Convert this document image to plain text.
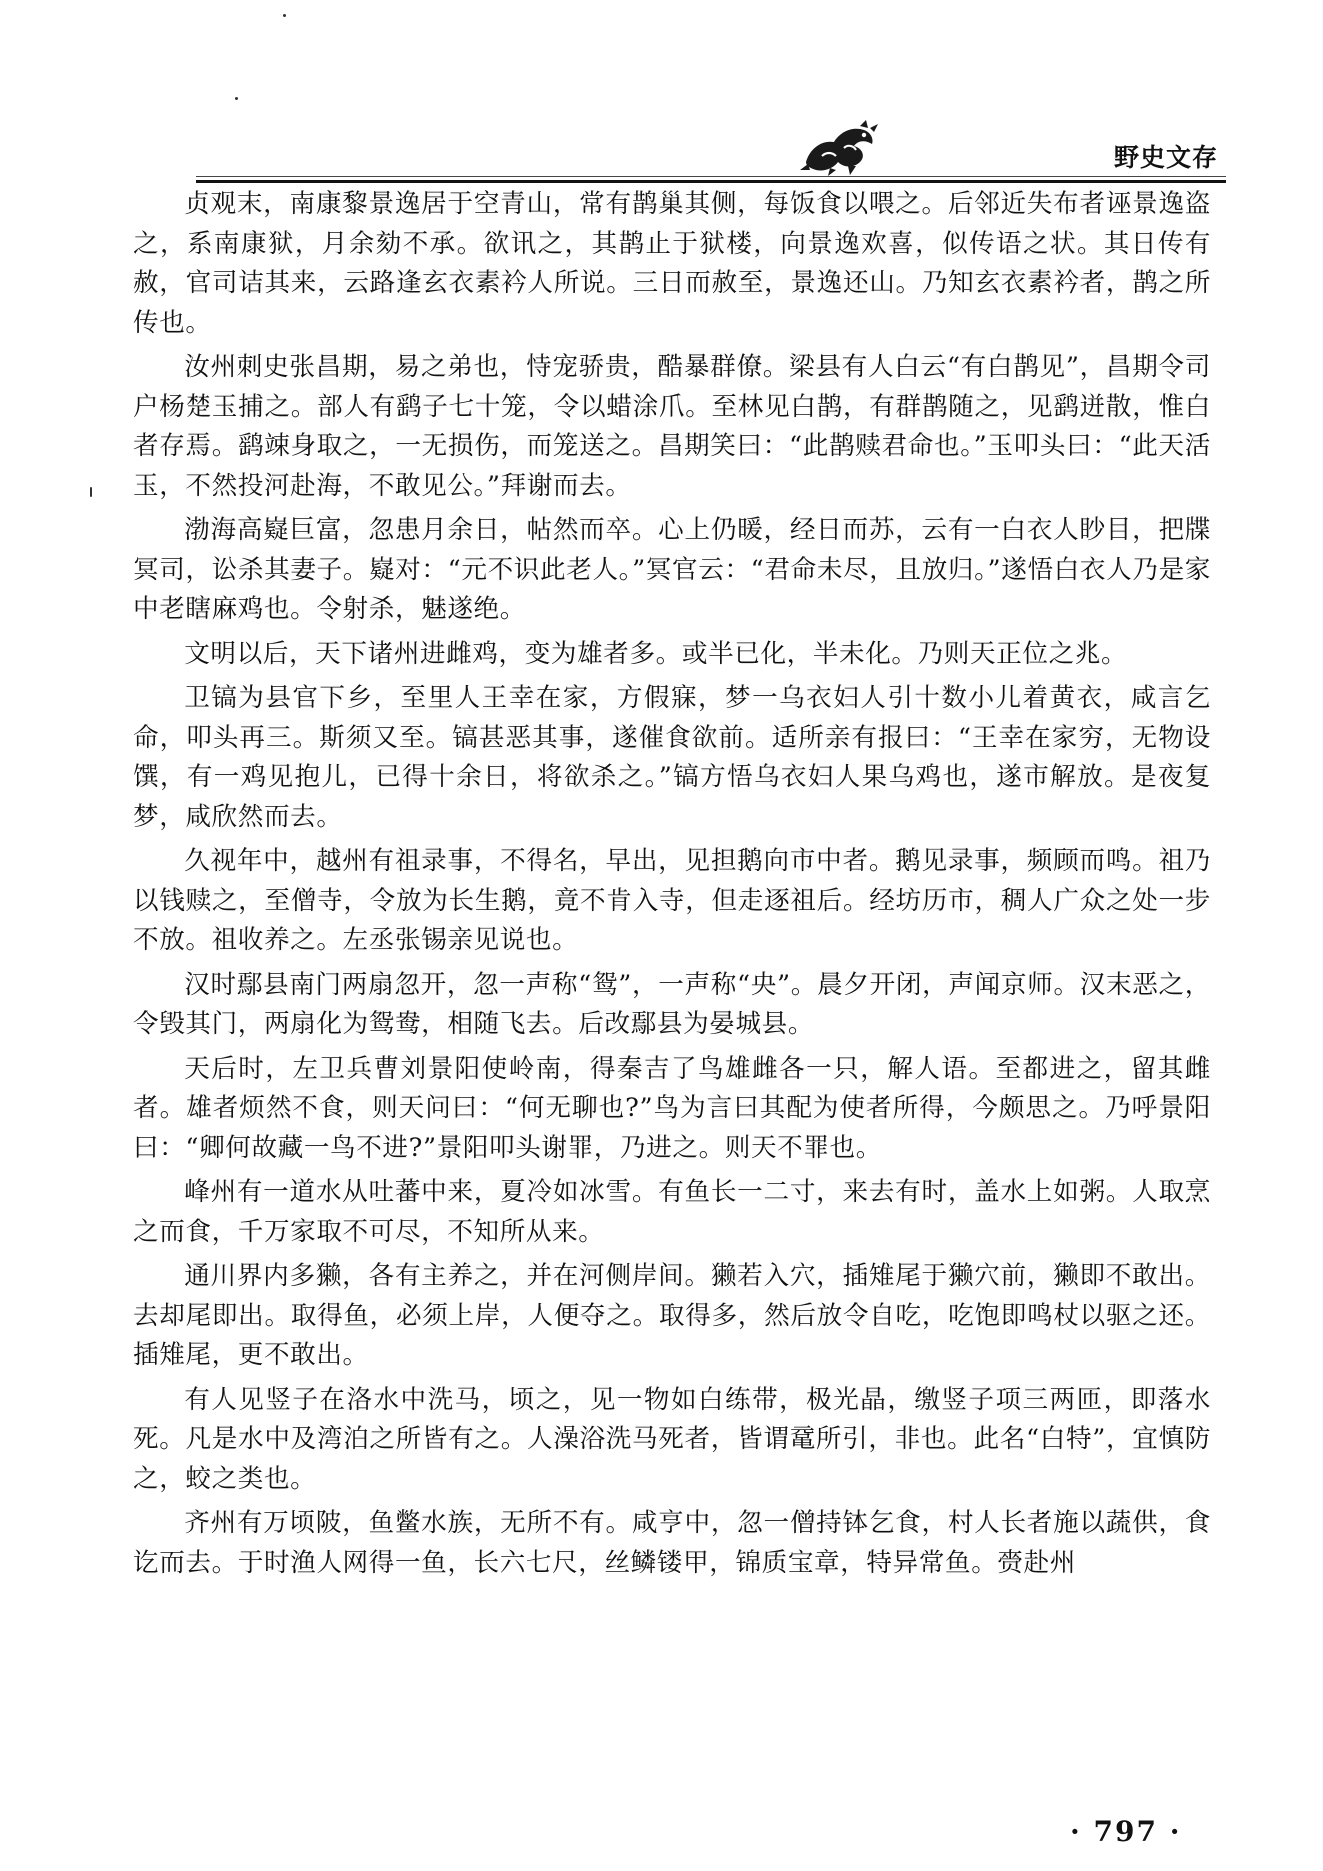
野史文存

贞观末，南康黎景逸居于空青山，常有鹊巢其侧，每饭食以喂之。后邻近失布者诬景逸盗之，系南康狱，月余劾不承。欲讯之，其鹊止于狱楼，向景逸欢喜，似传语之状。其日传有赦，官司诘其来，云路逢玄衣素衿人所说。三日而赦至，景逸还山。乃知玄衣素衿者，鹊之所传也。

汝州刺史张昌期，易之弟也，恃宠骄贵，酷暴群僚。梁县有人白云“有白鹊见”，昌期令司户杨楚玉捕之。部人有鹞子七十笼，令以蜡涂爪。至林见白鹊，有群鹊随之，见鹞迸散，惟白者存焉。鹞竦身取之，一无损伤，而笼送之。昌期笑曰：“此鹊赎君命也。”玉叩头曰：“此天活玉，不然投河赴海，不敢见公。”拜谢而去。

渤海高嶷巨富，忽患月余日，帖然而卒。心上仍暖，经日而苏，云有一白衣人眇目，把牒冥司，讼杀其妻子。嶷对：“元不识此老人。”冥官云：“君命未尽，且放归。”遂悟白衣人乃是家中老瞎麻鸡也。令射杀，魅遂绝。

文明以后，天下诸州进雌鸡，变为雄者多。或半已化，半未化。乃则天正位之兆。

卫镐为县官下乡，至里人王幸在家，方假寐，梦一乌衣妇人引十数小儿着黄衣，咸言乞命，叩头再三。斯须又至。镐甚恶其事，遂催食欲前。适所亲有报曰：“王幸在家穷，无物设馔，有一鸡见抱儿，已得十余日，将欲杀之。”镐方悟乌衣妇人果乌鸡也，遂市解放。是夜复梦，咸欣然而去。

久视年中，越州有祖录事，不得名，早出，见担鹅向市中者。鹅见录事，频顾而鸣。祖乃以钱赎之，至僧寺，令放为长生鹅，竟不肯入寺，但走逐祖后。经坊历市，稠人广众之处一步不放。祖收养之。左丞张锡亲见说也。

汉时鄢县南门两扇忽开，忽一声称“鸳”，一声称“央”。晨夕开闭，声闻京师。汉末恶之，令毁其门，两扇化为鸳鸯，相随飞去。后改鄢县为晏城县。

天后时，左卫兵曹刘景阳使岭南，得秦吉了鸟雄雌各一只，解人语。至都进之，留其雌者。雄者烦然不食，则天问曰：“何无聊也?”鸟为言曰其配为使者所得，今颇思之。乃呼景阳曰：“卿何故藏一鸟不进?”景阳叩头谢罪，乃进之。则天不罪也。

峰州有一道水从吐蕃中来，夏冷如冰雪。有鱼长一二寸，来去有时，盖水上如粥。人取烹之而食，千万家取不可尽，不知所从来。

通川界内多獭，各有主养之，并在河侧岸间。獭若入穴，插雉尾于獭穴前，獭即不敢出。去却尾即出。取得鱼，必须上岸，人便夺之。取得多，然后放令自吃，吃饱即鸣杖以驱之还。插雉尾，更不敢出。

有人见竖子在洛水中洗马，顷之，见一物如白练带，极光晶，缴竖子项三两匝，即落水死。凡是水中及湾泊之所皆有之。人澡浴洗马死者，皆谓鼋所引，非也。此名“白特”，宜慎防之，蛟之类也。

齐州有万顷陂，鱼鳖水族，无所不有。咸亨中，忽一僧持钵乞食，村人长者施以蔬供，食讫而去。于时渔人网得一鱼，长六七尺，丝鳞镂甲，锦质宝章，特异常鱼。赍赴州

· 797 ·
